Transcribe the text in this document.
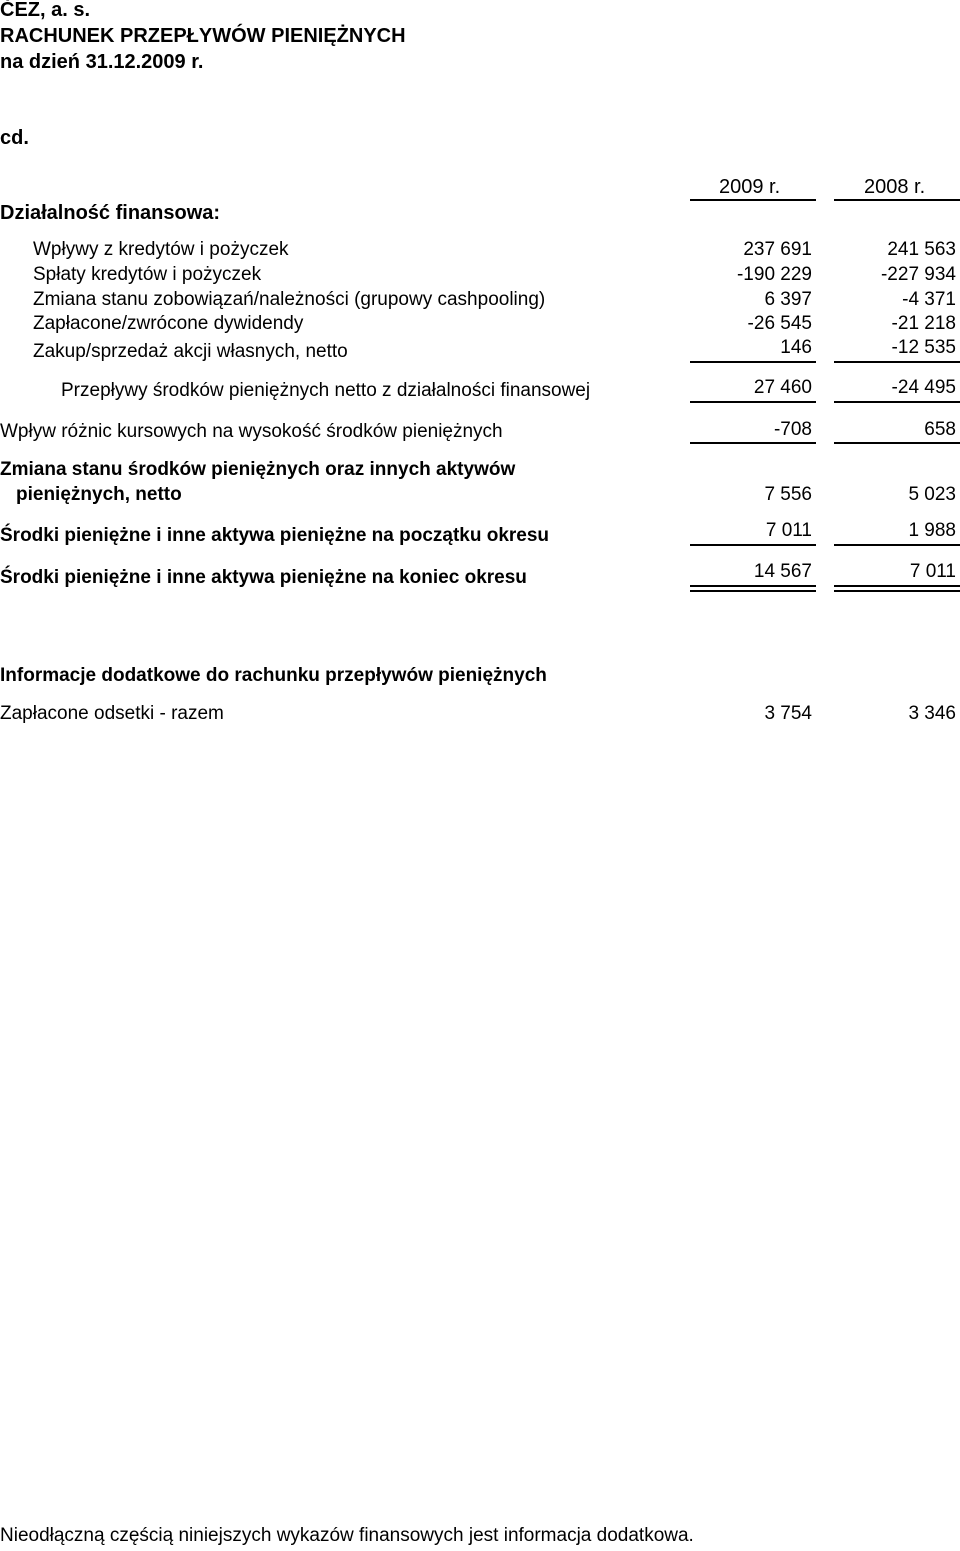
ČEZ, a. s.
RACHUNEK PRZEPŁYWÓW PIENIĘŻNYCH
na dzień 31.12.2009 r.
cd.
2009 r.	2008 r.
Działalność finansowa:
Wpływy z kredytów i pożyczek	237 691	241 563
Spłaty kredytów i pożyczek	-190 229	-227 934
Zmiana stanu zobowiązań/należności (grupowy cashpooling)	6 397	-4 371
Zapłacone/zwrócone dywidendy	-26 545	-21 218
Zakup/sprzedaż akcji własnych, netto	146	-12 535
Przepływy środków pieniężnych netto z działalności finansowej	27 460	-24 495
Wpływ różnic kursowych na wysokość środków pieniężnych	-708	658
Zmiana stanu środków pieniężnych oraz innych aktywów
pieniężnych, netto	7 556	5 023
Środki pieniężne i inne aktywa pieniężne na początku okresu	7 011	1 988
Środki pieniężne i inne aktywa pieniężne na koniec okresu	14 567	7 011
Informacje dodatkowe do rachunku przepływów pieniężnych
Zapłacone odsetki - razem	3 754	3 346
Nieodłączną częścią niniejszych wykazów finansowych jest informacja dodatkowa.
